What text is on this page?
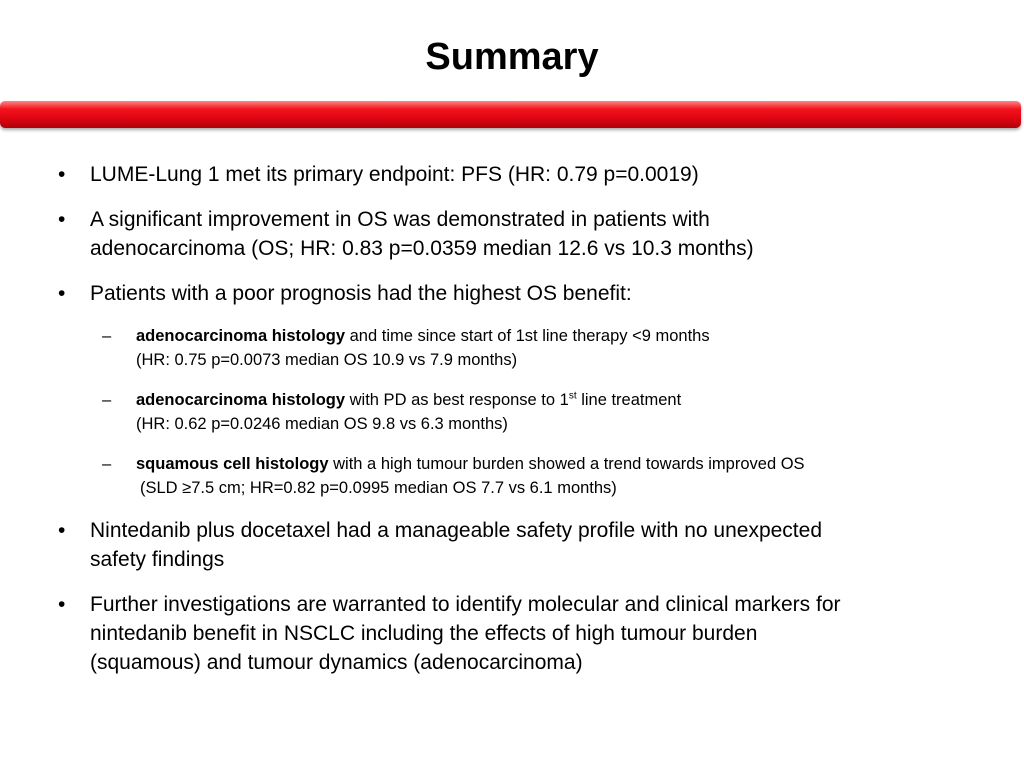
Summary
• LUME-Lung 1 met its primary endpoint: PFS (HR: 0.79 p=0.0019)
• A significant improvement in OS was demonstrated in patients with
adenocarcinoma (OS; HR: 0.83 p=0.0359 median 12.6 vs 10.3 months)
• Patients with a poor prognosis had the highest OS benefit:
– adenocarcinoma histology and time since start of 1st line therapy <9 months
(HR: 0.75 p=0.0073 median OS 10.9 vs 7.9 months)
– adenocarcinoma histology with PD as best response to 1st line treatment
(HR: 0.62 p=0.0246 median OS 9.8 vs 6.3 months)
– squamous cell histology with a high tumour burden showed a trend towards improved OS
(SLD ≥7.5 cm; HR=0.82 p=0.0995 median OS 7.7 vs 6.1 months)
• Nintedanib plus docetaxel had a manageable safety profile with no unexpected
safety findings
• Further investigations are warranted to identify molecular and clinical markers for
nintedanib benefit in NSCLC including the effects of high tumour burden
(squamous) and tumour dynamics (adenocarcinoma)
